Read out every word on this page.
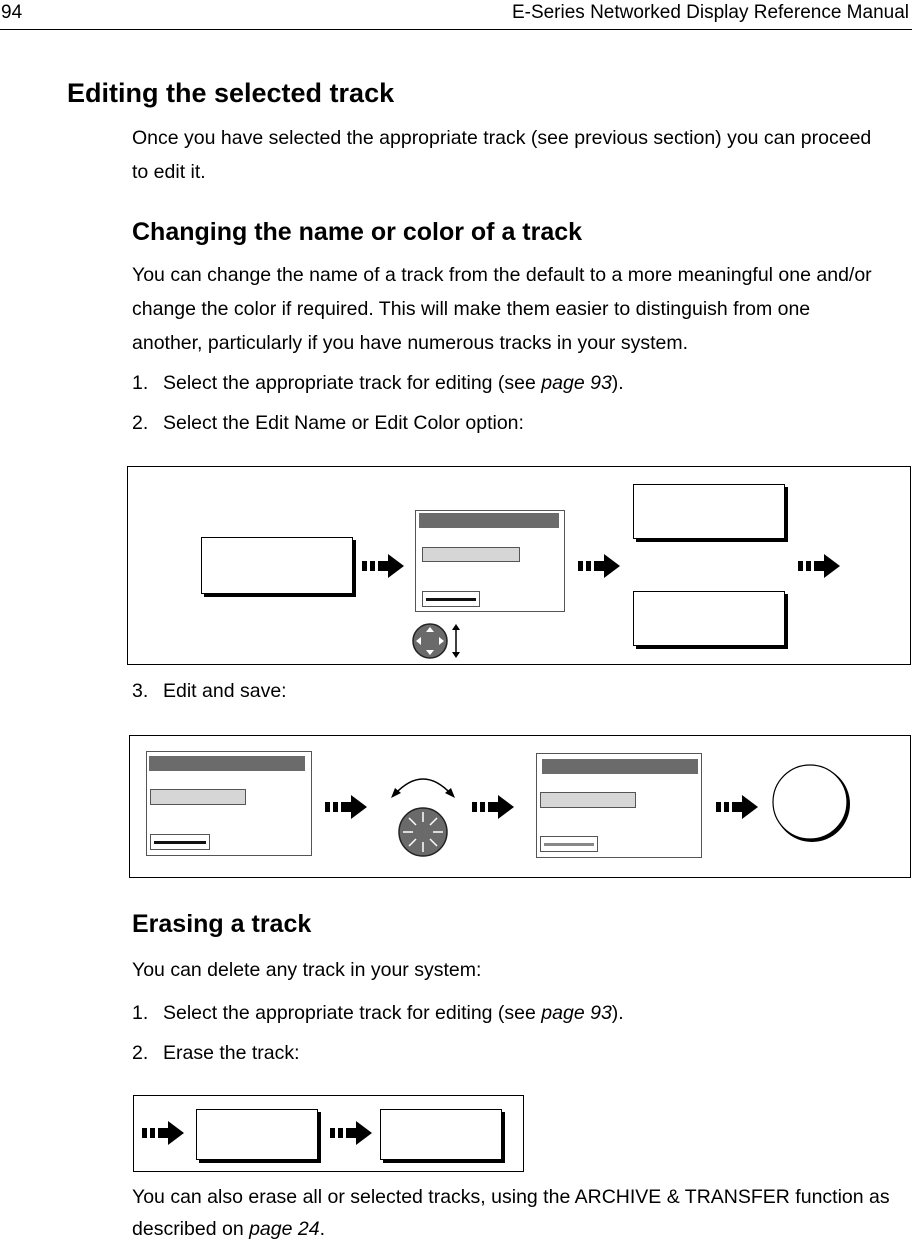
94	E-Series Networked Display Reference Manual
Editing the selected track

Once you have selected the appropriate track (see previous section) you can proceed

to edit it.

Changing the name or color of a track

You can change the name of a track from the default to a more meaningful one and/or

change the color if required. This will make them easier to distinguish from one

another, particularly if you have numerous tracks in your system.

1. Select the appropriate track for editing (see page 93).
2. Select the Edit Name or Edit Color option:
3. Edit and save:
Erasing a track

You can delete any track in your system:

1. Select the appropriate track for editing (see page 93).
2. Erase the track:

You can also erase all or selected tracks, using the ARCHIVE & TRANSFER function as

described on page 24.
